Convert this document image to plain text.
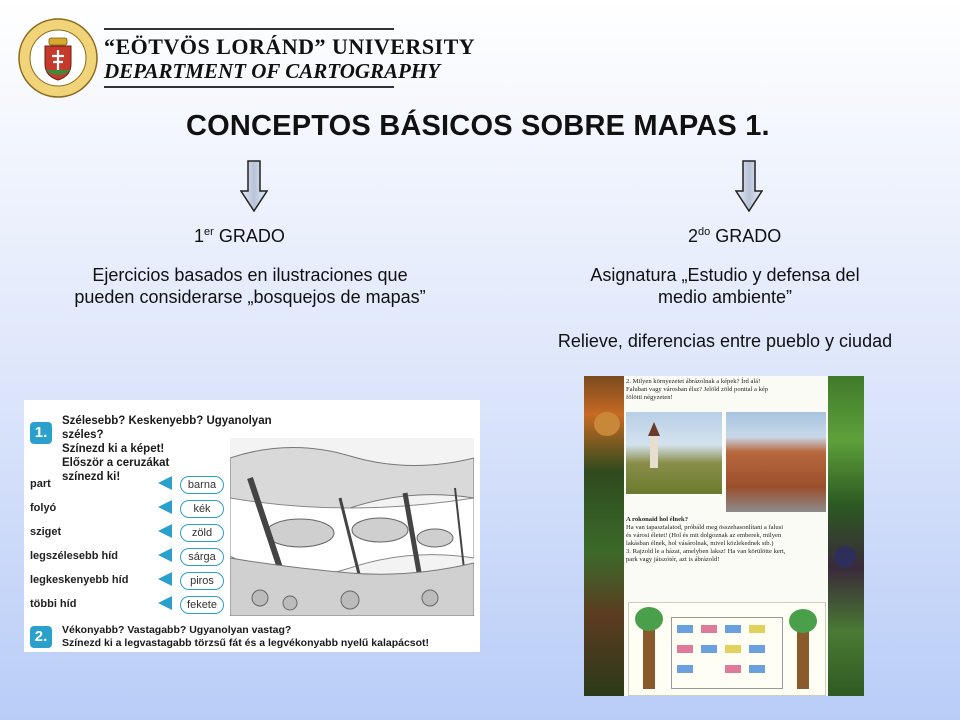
“EÖTVÖS LORÁND” UNIVERSITY
DEPARTMENT OF CARTOGRAPHY
CONCEPTOS BÁSICOS SOBRE MAPAS 1.
1er GRADO
Ejercicios basados en ilustraciones que
pueden considerarse „bosquejos de mapas”
$2^{do}$ GRADO
Asignatura „Estudio y defensa del
medio ambiente”
Relieve, diferencias entre pueblo y ciudad
1.
Szélesebb? Keskenyebb? Ugyanolyan széles?
Színezd ki a képet!
Először a ceruzákat
színezd ki!
part	barna
folyó	kék
sziget	zöld
legszélesebb híd	sárga
legkeskenyebb híd	piros
többi híd	fekete
2.	Vékonyabb? Vastagabb? Ugyanolyan vastag?
Színezd ki a legvastagabb törzsű fát és a legvékonyabb nyelű kalapácsot!
2. Milyen környezetet ábrázolnak a képek? Írd alá!
Faluban vagy városban élsz? Jelöld zöld ponttal a kép
fölötti négyzeten!
A rokonaid hol élnek?
Ha van tapasztalatod, próbáld meg összehasonlítani a falusi
és városi életet! (Hol és mit dolgoznak az emberek, milyen
lakásban élnek, hol vásárolnak, mivel közlekednek stb.)
3. Rajzold le a házat, amelyben laksz! Ha van körülötte kert,
park vagy játszótér, azt is ábrázold!
